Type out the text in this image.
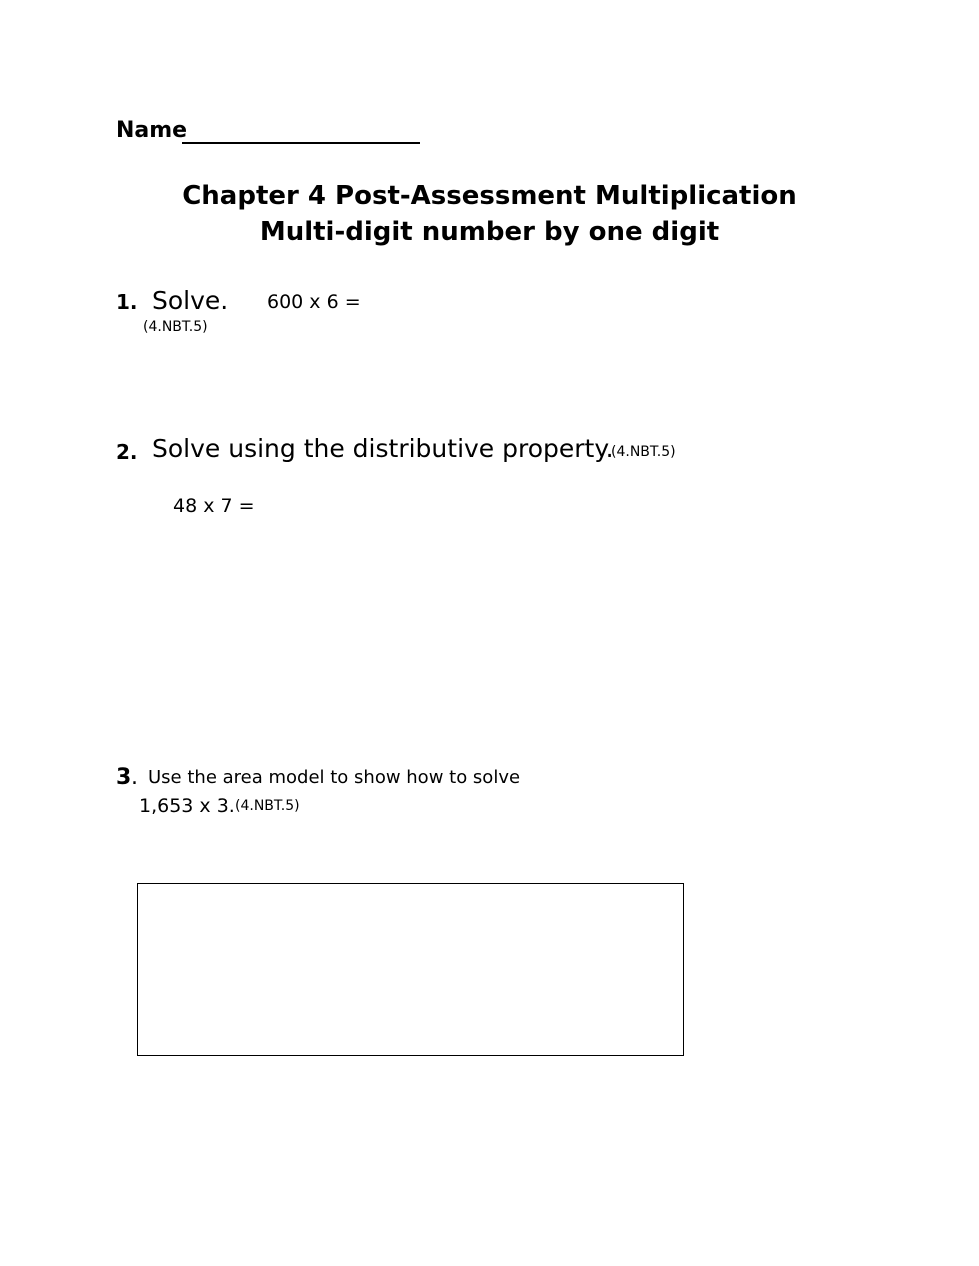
Name
Chapter 4 Post-Assessment Multiplication
Multi-digit number by one digit
1. Solve. 600 x 6 =
(4.NBT.5)
2. Solve using the distributive property.
(4.NBT.5)
48 x 7 =
3 . Use the area model to show how to solve
1,653 x 3. (4.NBT.5)
